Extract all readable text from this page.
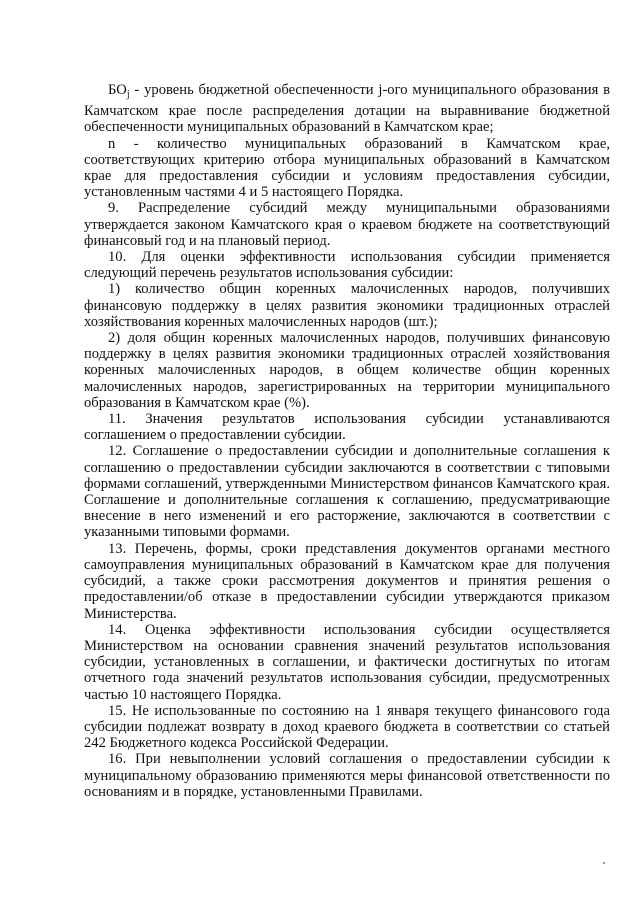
$БО_j$ - уровень бюджетной обеспеченности j-ого муниципального образования в Камчатском крае после распределения дотации на выравнивание бюджетной обеспеченности муниципальных образований в Камчатском крае;

n - количество муниципальных образований в Камчатском крае, соответствующих критерию отбора муниципальных образований в Камчатском крае для предоставления субсидии и условиям предоставления субсидии, установленным частями 4 и 5 настоящего Порядка.

9. Распределение субсидий между муниципальными образованиями утверждается законом Камчатского края о краевом бюджете на соответствующий финансовый год и на плановый период.

10. Для оценки эффективности использования субсидии применяется следующий перечень результатов использования субсидии:

1) количество общин коренных малочисленных народов, получивших финансовую поддержку в целях развития экономики традиционных отраслей хозяйствования коренных малочисленных народов (шт.);

2) доля общин коренных малочисленных народов, получивших финансовую поддержку в целях развития экономики традиционных отраслей хозяйствования коренных малочисленных народов, в общем количестве общин коренных малочисленных народов, зарегистрированных на территории муниципального образования в Камчатском крае (%).

11. Значения результатов использования субсидии устанавливаются соглашением о предоставлении субсидии.

12. Соглашение о предоставлении субсидии и дополнительные соглашения к соглашению о предоставлении субсидии заключаются в соответствии с типовыми формами соглашений, утвержденными Министерством финансов Камчатского края. Соглашение и дополнительные соглашения к соглашению, предусматривающие внесение в него изменений и его расторжение, заключаются в соответствии с указанными типовыми формами.

13. Перечень, формы, сроки представления документов органами местного самоуправления муниципальных образований в Камчатском крае для получения субсидий, а также сроки рассмотрения документов и принятия решения о предоставлении/об отказе в предоставлении субсидии утверждаются приказом Министерства.

14. Оценка эффективности использования субсидии осуществляется Министерством на основании сравнения значений результатов использования субсидии, установленных в соглашении, и фактически достигнутых по итогам отчетного года значений результатов использования субсидии, предусмотренных частью 10 настоящего Порядка.

15. Не использованные по состоянию на 1 января текущего финансового года субсидии подлежат возврату в доход краевого бюджета в соответствии со статьей 242 Бюджетного кодекса Российской Федерации.

16. При невыполнении условий соглашения о предоставлении субсидии к муниципальному образованию применяются меры финансовой ответственности по основаниям и в порядке, установленными Правилами.
